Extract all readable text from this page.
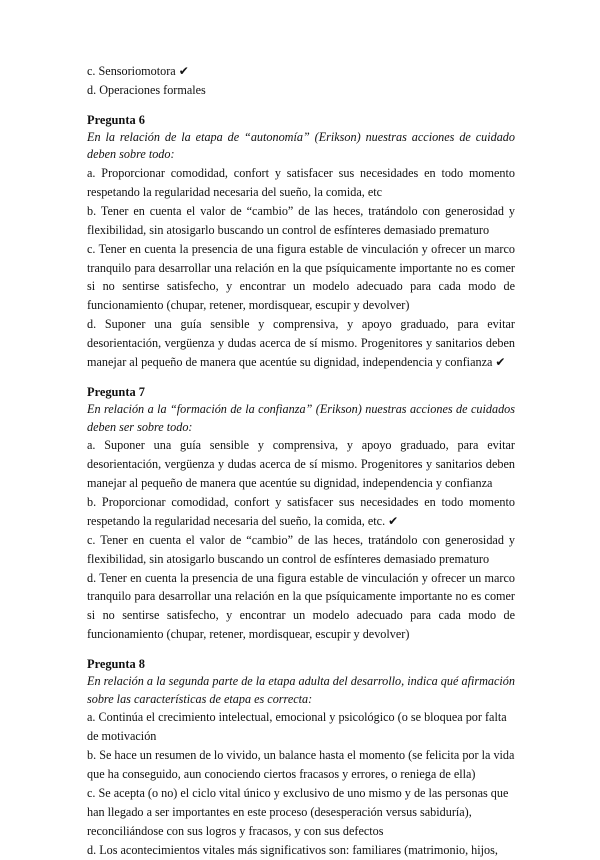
c. Sensoriomotora ✔
d. Operaciones formales
Pregunta 6
En la relación de la etapa de “autonomía” (Erikson) nuestras acciones de cuidado
deben sobre todo:
a. Proporcionar comodidad, confort y satisfacer sus necesidades en todo momento
respetando la regularidad necesaria del sueño, la comida, etc
b. Tener en cuenta el valor de “cambio” de las heces, tratándolo con generosidad y
flexibilidad, sin atosigarlo buscando un control de esfínteres demasiado prematuro
c. Tener en cuenta la presencia de una figura estable de vinculación y ofrecer un marco
tranquilo para desarrollar una relación en la que psíquicamente importante no es comer
si no sentirse satisfecho, y encontrar un modelo adecuado para cada modo de
funcionamiento (chupar, retener, mordisquear, escupir y devolver)
d. Suponer una guía sensible y comprensiva, y apoyo graduado, para evitar
desorientación, vergüenza y dudas acerca de sí mismo. Progenitores y sanitarios deben
manejar al pequeño de manera que acentúe su dignidad, independencia y confianza ✔
Pregunta 7
En relación a la “formación de la confianza” (Erikson) nuestras acciones de cuidados
deben ser sobre todo:
a. Suponer una guía sensible y comprensiva, y apoyo graduado, para evitar
desorientación, vergüenza y dudas acerca de sí mismo. Progenitores y sanitarios deben
manejar al pequeño de manera que acentúe su dignidad, independencia y confianza
b. Proporcionar comodidad, confort y satisfacer sus necesidades en todo momento
respetando la regularidad necesaria del sueño, la comida, etc. ✔
c. Tener en cuenta el valor de “cambio” de las heces, tratándolo con generosidad y
flexibilidad, sin atosigarlo buscando un control de esfínteres demasiado prematuro
d. Tener en cuenta la presencia de una figura estable de vinculación y ofrecer un marco
tranquilo para desarrollar una relación en la que psíquicamente importante no es comer
si no sentirse satisfecho, y encontrar un modelo adecuado para cada modo de
funcionamiento (chupar, retener, mordisquear, escupir y devolver)
Pregunta 8
En relación a la segunda parte de la etapa adulta del desarrollo, indica qué afirmación
sobre las características de etapa es correcta:
a. Continúa el crecimiento intelectual, emocional y psicológico (o se bloquea por falta
de motivación
b. Se hace un resumen de lo vivido, un balance hasta el momento (se felicita por la vida
que ha conseguido, aun conociendo ciertos fracasos y errores, o reniega de ella)
c. Se acepta (o no) el ciclo vital único y exclusivo de uno mismo y de las personas que
han llegado a ser importantes en este proceso (desesperación versus sabiduría),
reconciliándose con sus logros y fracasos, y con sus defectos
d. Los acontecimientos vitales más significativos son: familiares (matrimonio, hijos,
